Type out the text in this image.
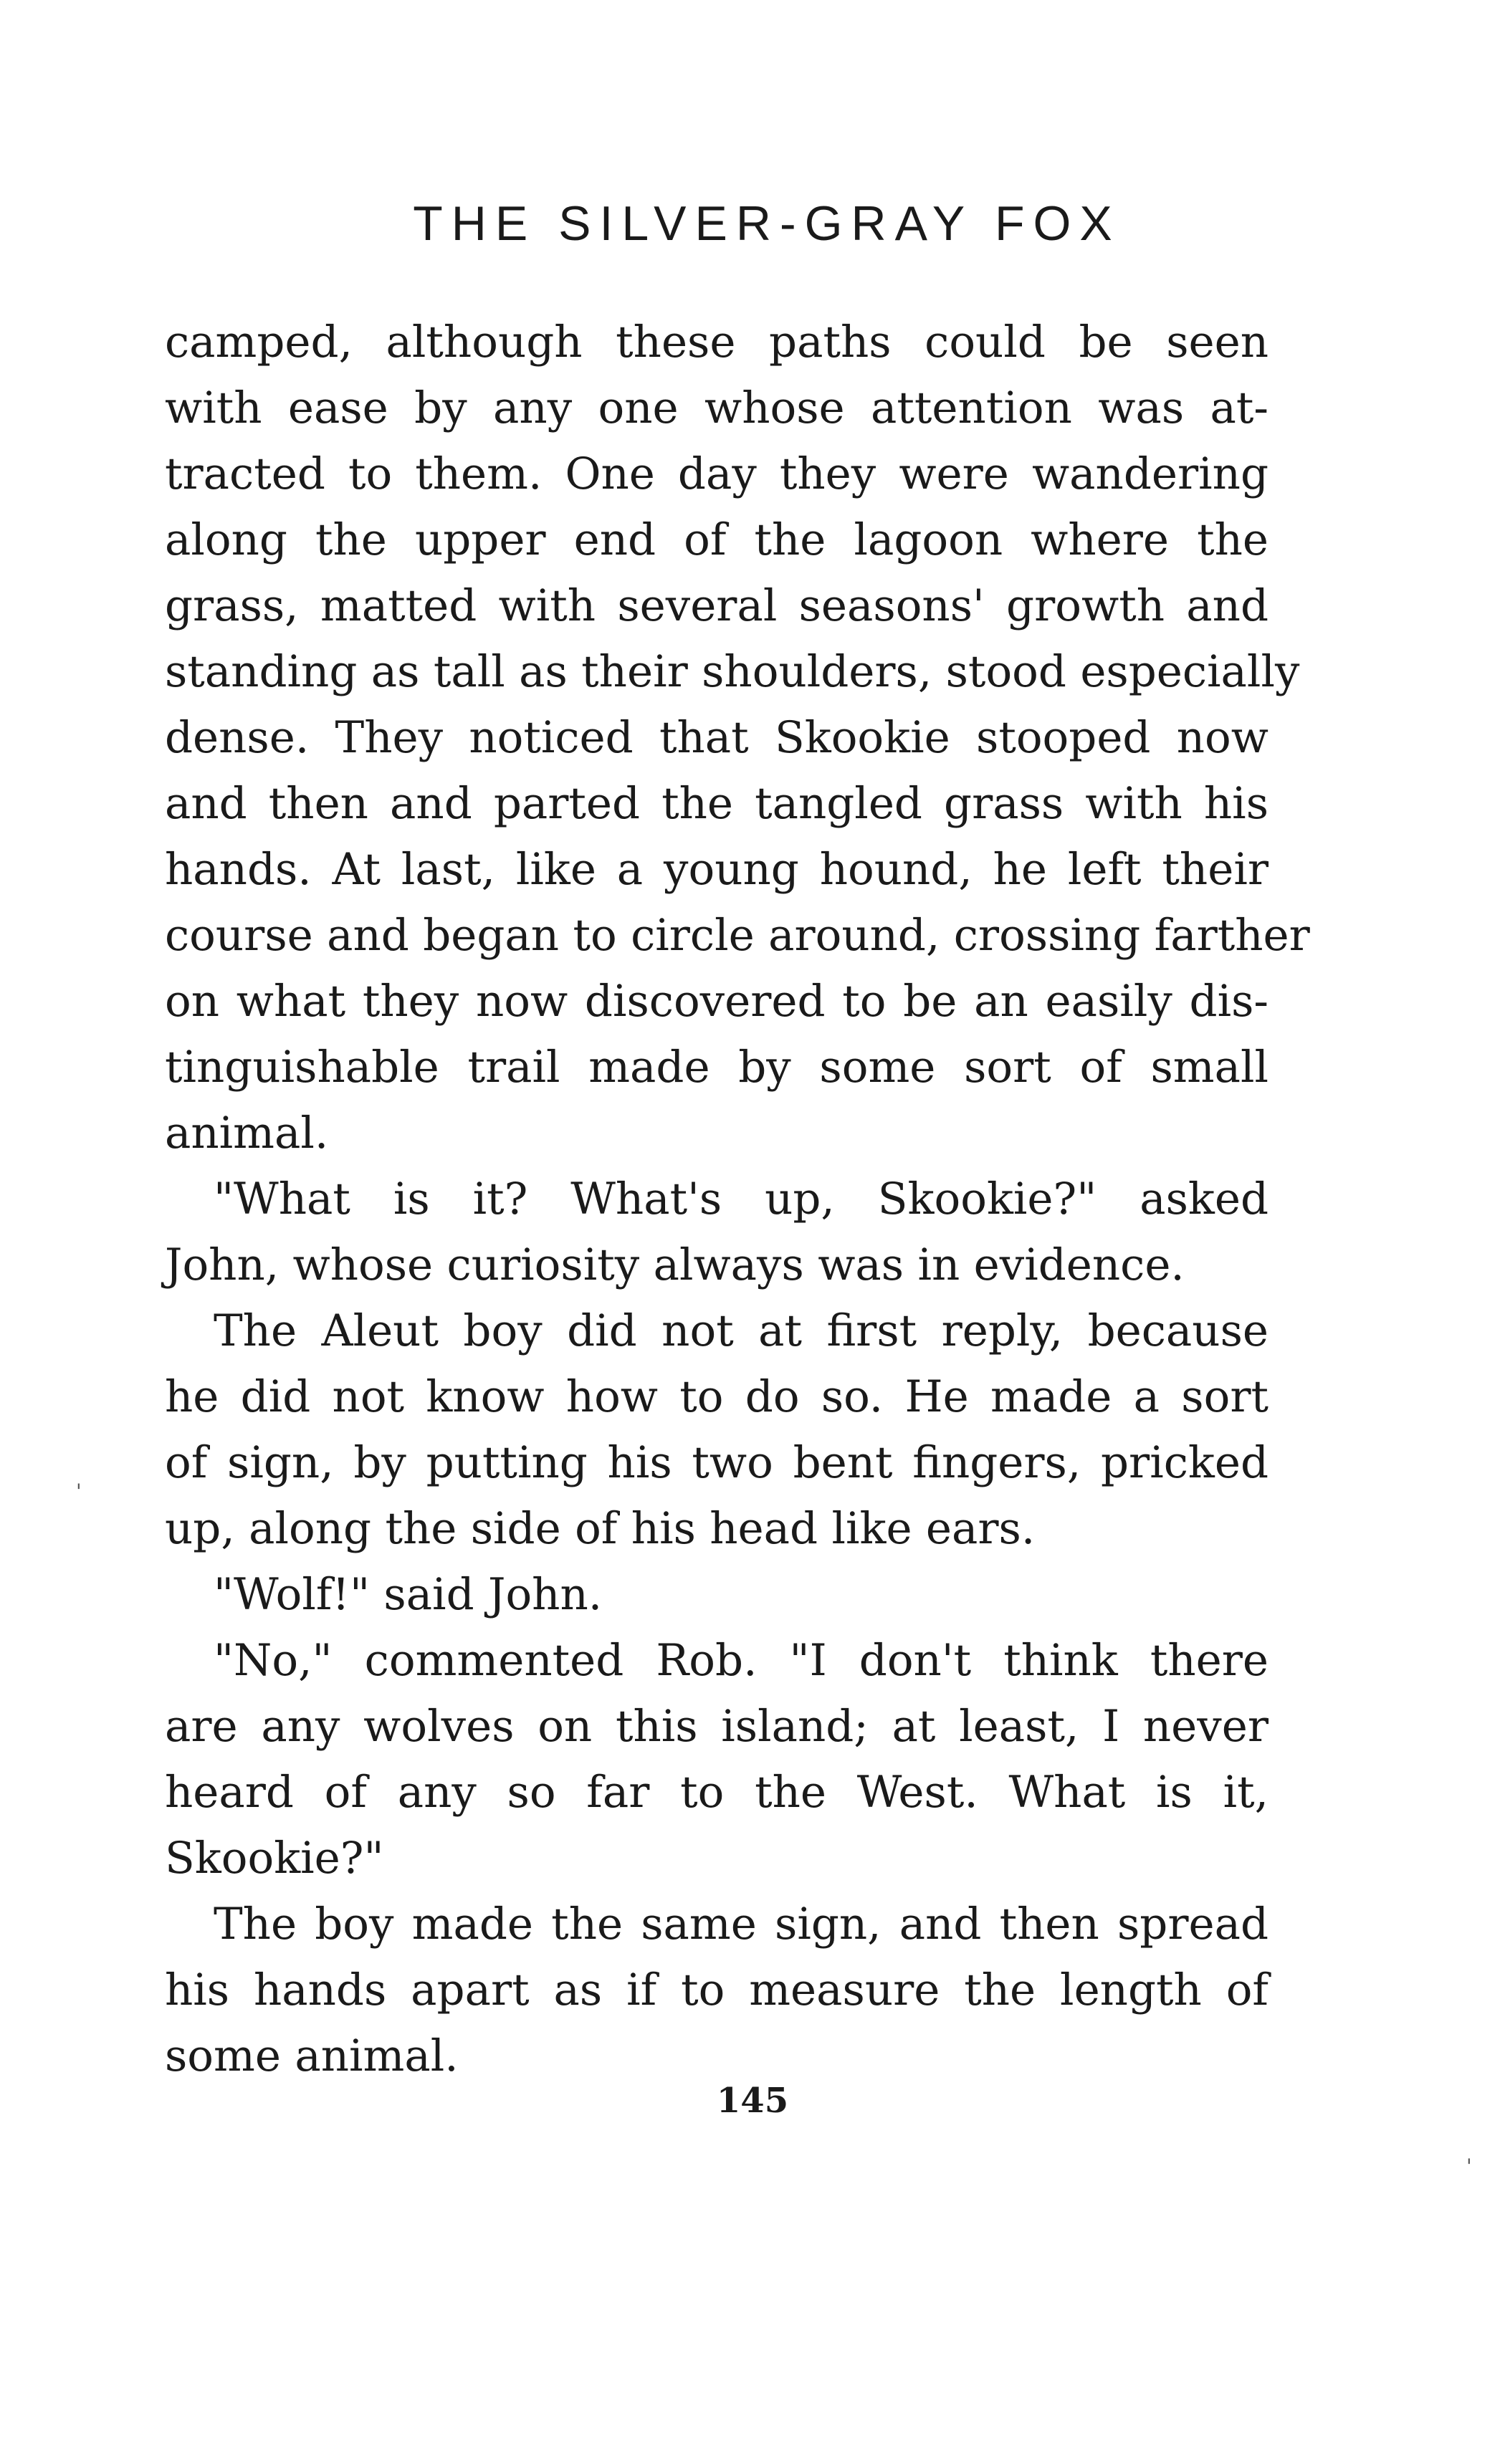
THE SILVER-GRAY FOX
camped, although these paths could be seen
with ease by any one whose attention was at-
tracted to them. One day they were wandering
along the upper end of the lagoon where the
grass, matted with several seasons' growth and
standing as tall as their shoulders, stood especially
dense. They noticed that Skookie stooped now
and then and parted the tangled grass with his
hands. At last, like a young hound, he left their
course and began to circle around, crossing farther
on what they now discovered to be an easily dis-
tinguishable trail made by some sort of small
animal.
"What is it? What's up, Skookie?" asked
John, whose curiosity always was in evidence.
The Aleut boy did not at first reply, because
he did not know how to do so. He made a sort
of sign, by putting his two bent fingers, pricked
up, along the side of his head like ears.
"Wolf!" said John.
"No," commented Rob. "I don't think there
are any wolves on this island; at least, I never
heard of any so far to the West. What is it,
Skookie?"
The boy made the same sign, and then spread
his hands apart as if to measure the length of
some animal.
145
'
'
